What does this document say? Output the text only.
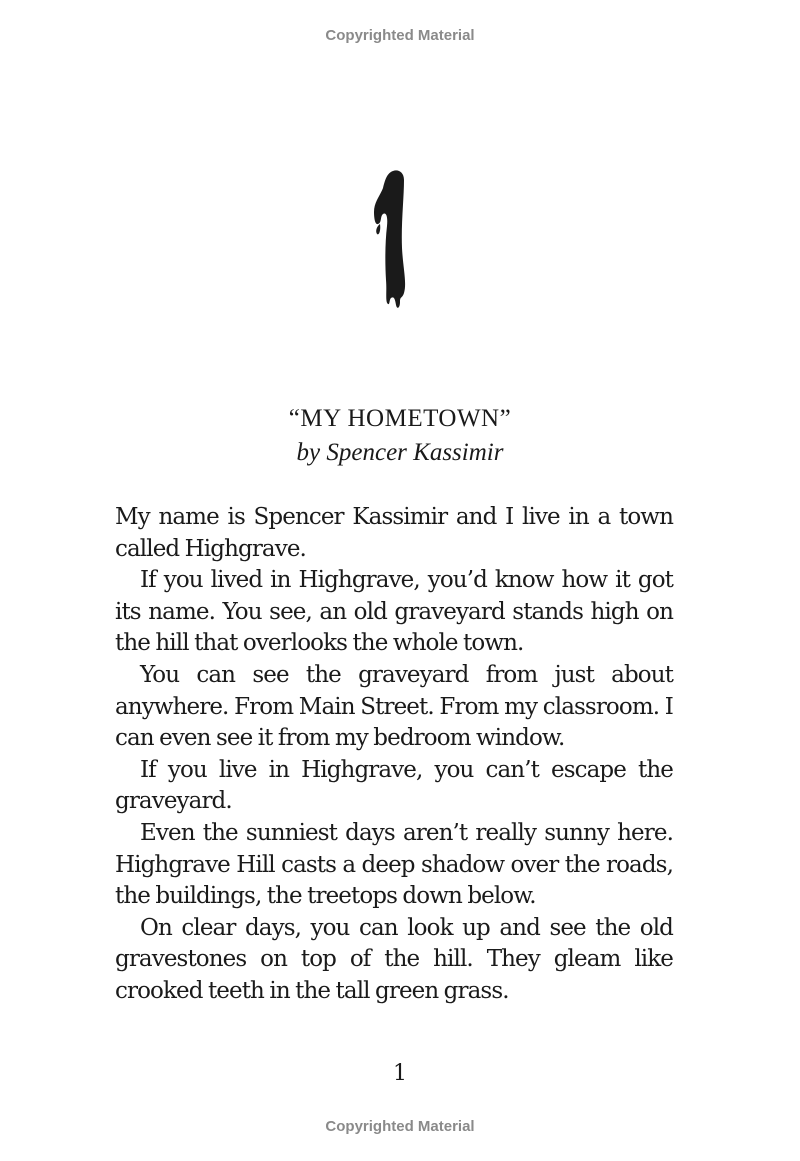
Copyrighted Material
“MY HOMETOWN”
by Spencer Kassimir

My name is Spencer Kassimir and I live in a town called Highgrave.

If you lived in Highgrave, you’d know how it got its name. You see, an old graveyard stands high on the hill that overlooks the whole town.

You can see the graveyard from just about anywhere. From Main Street. From my classroom. I can even see it from my bedroom window.

If you live in Highgrave, you can’t escape the graveyard.

Even the sunniest days aren’t really sunny here. Highgrave Hill casts a deep shadow over the roads, the buildings, the treetops down below.

On clear days, you can look up and see the old gravestones on top of the hill. They gleam like crooked teeth in the tall green grass.

1
Copyrighted Material
